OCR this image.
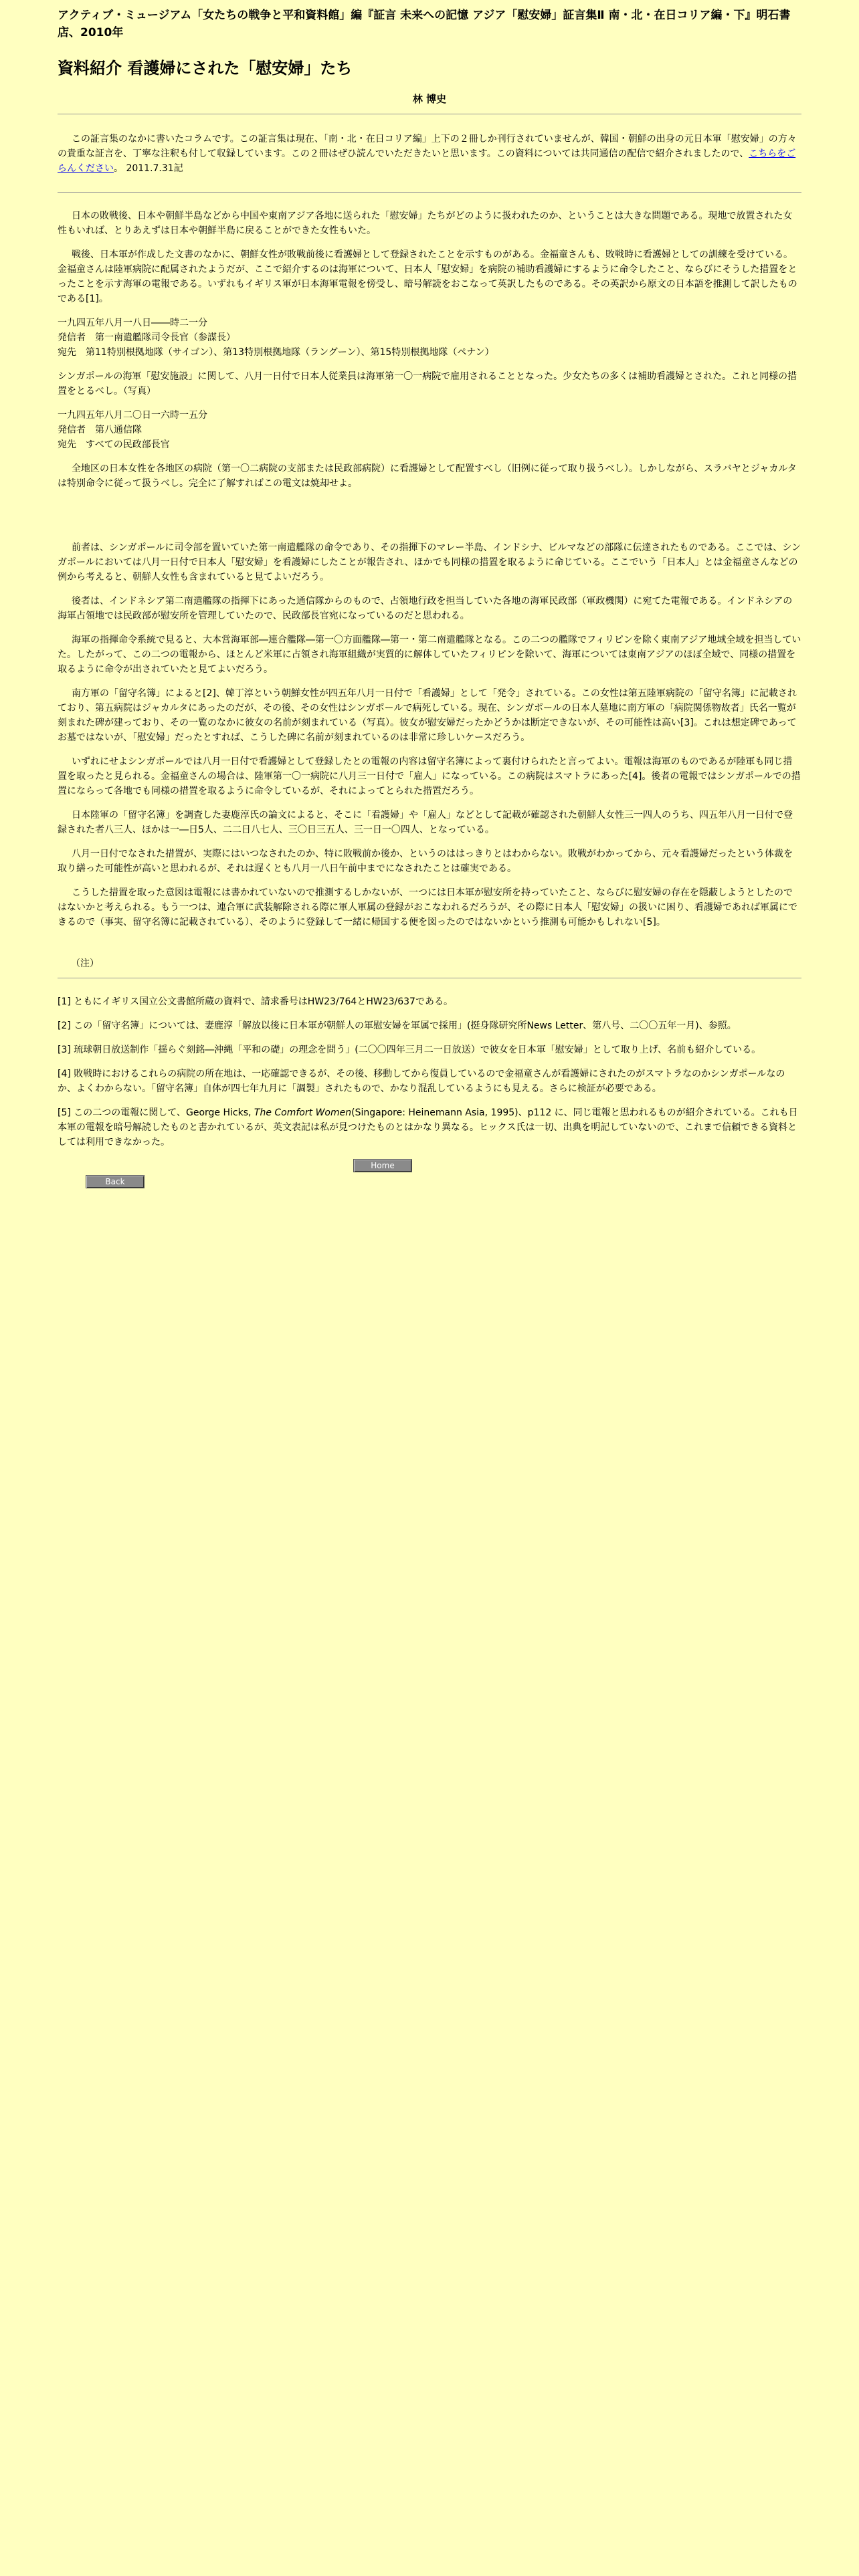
アクティブ・ミュージアム「女たちの戦争と平和資料館」編『証言 未来への記憶 アジア「慰安婦」証言集Ⅱ 南・北・在日コリア編・下』明石書店、2010年
資料紹介 看護婦にされた「慰安婦」たち
林 博史

この証言集のなかに書いたコラムです。この証言集は現在、「南・北・在日コリア編」上下の２冊しか刊行されていませんが、韓国・朝鮮の出身の元日本軍「慰安婦」の方々の貴重な証言を、丁寧な注釈も付して収録しています。この２冊はぜひ読んでいただきたいと思います。この資料については共同通信の配信で紹介されましたので、こちらをごらんください。 2011.7.31記

日本の敗戦後、日本や朝鮮半島などから中国や東南アジア各地に送られた「慰安婦」たちがどのように扱われたのか、ということは大きな問題である。現地で放置された女性もいれば、とりあえずは日本や朝鮮半島に戻ることができた女性もいた。

戦後、日本軍が作成した文書のなかに、朝鮮女性が敗戦前後に看護婦として登録されたことを示すものがある。金福童さんも、敗戦時に看護婦としての訓練を受けている。金福童さんは陸軍病院に配属されたようだが、ここで紹介するのは海軍について、日本人「慰安婦」を病院の補助看護婦にするように命令したこと、ならびにそうした措置をとったことを示す海軍の電報である。いずれもイギリス軍が日本海軍電報を傍受し、暗号解読をおこなって英訳したものである。その英訳から原文の日本語を推測して訳したものである[1]。

一九四五年八月一八日――時二一分
発信者　第一南遣艦隊司令長官（参謀長）
宛先　第11特別根拠地隊（サイゴン）、第13特別根拠地隊（ラングーン）、第15特別根拠地隊（ペナン）

シンガポールの海軍「慰安施設」に関して、八月一日付で日本人従業員は海軍第一〇一病院で雇用されることとなった。少女たちの多くは補助看護婦とされた。これと同様の措置をとるべし。（写真）

一九四五年八月二〇日一六時一五分
発信者　第八通信隊
宛先　すべての民政部長官

全地区の日本女性を各地区の病院（第一〇二病院の支部または民政部病院）に看護婦として配置すべし（旧例に従って取り扱うべし）。しかしながら、スラバヤとジャカルタは特別命令に従って扱うべし。完全に了解すればこの電文は焼却せよ。

前者は、シンガポールに司令部を置いていた第一南遣艦隊の命令であり、その指揮下のマレー半島、インドシナ、ビルマなどの部隊に伝達されたものである。ここでは、シンガポールにおいては八月一日付で日本人「慰安婦」を看護婦にしたことが報告され、ほかでも同様の措置を取るように命じている。ここでいう「日本人」とは金福童さんなどの例から考えると、朝鮮人女性も含まれていると見てよいだろう。

後者は、インドネシア第二南遣艦隊の指揮下にあった通信隊からのもので、占領地行政を担当していた各地の海軍民政部（軍政機関）に宛てた電報である。インドネシアの海軍占領地では民政部が慰安所を管理していたので、民政部長官宛になっているのだと思われる。

海軍の指揮命令系統で見ると、大本営海軍部―連合艦隊―第一〇方面艦隊―第一・第二南遣艦隊となる。この二つの艦隊でフィリピンを除く東南アジア地域全域を担当していた。したがって、この二つの電報から、ほとんど米軍に占領され海軍組織が実質的に解体していたフィリピンを除いて、海軍については東南アジアのほぼ全域で、同様の措置を取るように命令が出されていたと見てよいだろう。

南方軍の「留守名簿」によると[2]、韓丁淳という朝鮮女性が四五年八月一日付で「看護婦」として「発令」されている。この女性は第五陸軍病院の「留守名簿」に記載されており、第五病院はジャカルタにあったのだが、その後、その女性はシンガポールで病死している。現在、シンガポールの日本人墓地に南方軍の「病院関係物故者」氏名一覧が刻まれた碑が建っており、その一覧のなかに彼女の名前が刻まれている（写真）。彼女が慰安婦だったかどうかは断定できないが、その可能性は高い[3]。これは想定碑であってお墓ではないが、「慰安婦」だったとすれば、こうした碑に名前が刻まれているのは非常に珍しいケースだろう。

いずれにせよシンガポールでは八月一日付で看護婦として登録したとの電報の内容は留守名簿によって裏付けられたと言ってよい。電報は海軍のものであるが陸軍も同じ措置を取ったと見られる。金福童さんの場合は、陸軍第一〇一病院に八月三一日付で「雇人」になっている。この病院はスマトラにあった[4]。後者の電報ではシンガポールでの措置にならって各地でも同様の措置を取るように命令しているが、それによってとられた措置だろう。

日本陸軍の「留守名簿」を調査した妻鹿淳氏の論文によると、そこに「看護婦」や「雇人」などとして記載が確認された朝鮮人女性三一四人のうち、四五年八月一日付で登録された者八三人、ほかは一―日5人、二二日八七人、三〇日三五人、三一日一〇四人、となっている。

八月一日付でなされた措置が、実際にはいつなされたのか、特に敗戦前か後か、というのははっきりとはわからない。敗戦がわかってから、元々看護婦だったという体裁を取り繕った可能性が高いと思われるが、それは遅くとも八月一八日午前中までになされたことは確実である。

こうした措置を取った意図は電報には書かれていないので推測するしかないが、一つには日本軍が慰安所を持っていたこと、ならびに慰安婦の存在を隠蔽しようとしたのではないかと考えられる。もう一つは、連合軍に武装解除される際に軍人軍属の登録がおこなわれるだろうが、その際に日本人「慰安婦」の扱いに困り、看護婦であれば軍属にできるので（事実、留守名簿に記載されている）、そのように登録して一緒に帰国する便を図ったのではないかという推測も可能かもしれない[5]。

（注）

[1] ともにイギリス国立公文書館所蔵の資料で、請求番号はHW23/764とHW23/637である。

[2] この「留守名簿」については、妻鹿淳「解放以後に日本軍が朝鮮人の軍慰安婦を軍属で採用」(挺身隊研究所News Letter、第八号、二〇〇五年一月)、参照。

[3] 琉球朝日放送制作「揺らぐ刻銘―沖縄「平和の礎」の理念を問う」(二〇〇四年三月二一日放送）で彼女を日本軍「慰安婦」として取り上げ、名前も紹介している。

[4] 敗戦時におけるこれらの病院の所在地は、一応確認できるが、その後、移動してから復員しているので金福童さんが看護婦にされたのがスマトラなのかシンガポールなのか、よくわからない。「留守名簿」自体が四七年九月に「調製」されたもので、かなり混乱しているようにも見える。さらに検証が必要である。

[5] この二つの電報に関して、George Hicks, The Comfort Women(Singapore: Heinemann Asia, 1995)、p112 に、同じ電報と思われるものが紹介されている。これも日本軍の電報を暗号解読したものと書かれているが、英文表記は私が見つけたものとはかなり異なる。ヒックス氏は一切、出典を明記していないので、これまで信頼できる資料としては利用できなかった。

Home
Back
